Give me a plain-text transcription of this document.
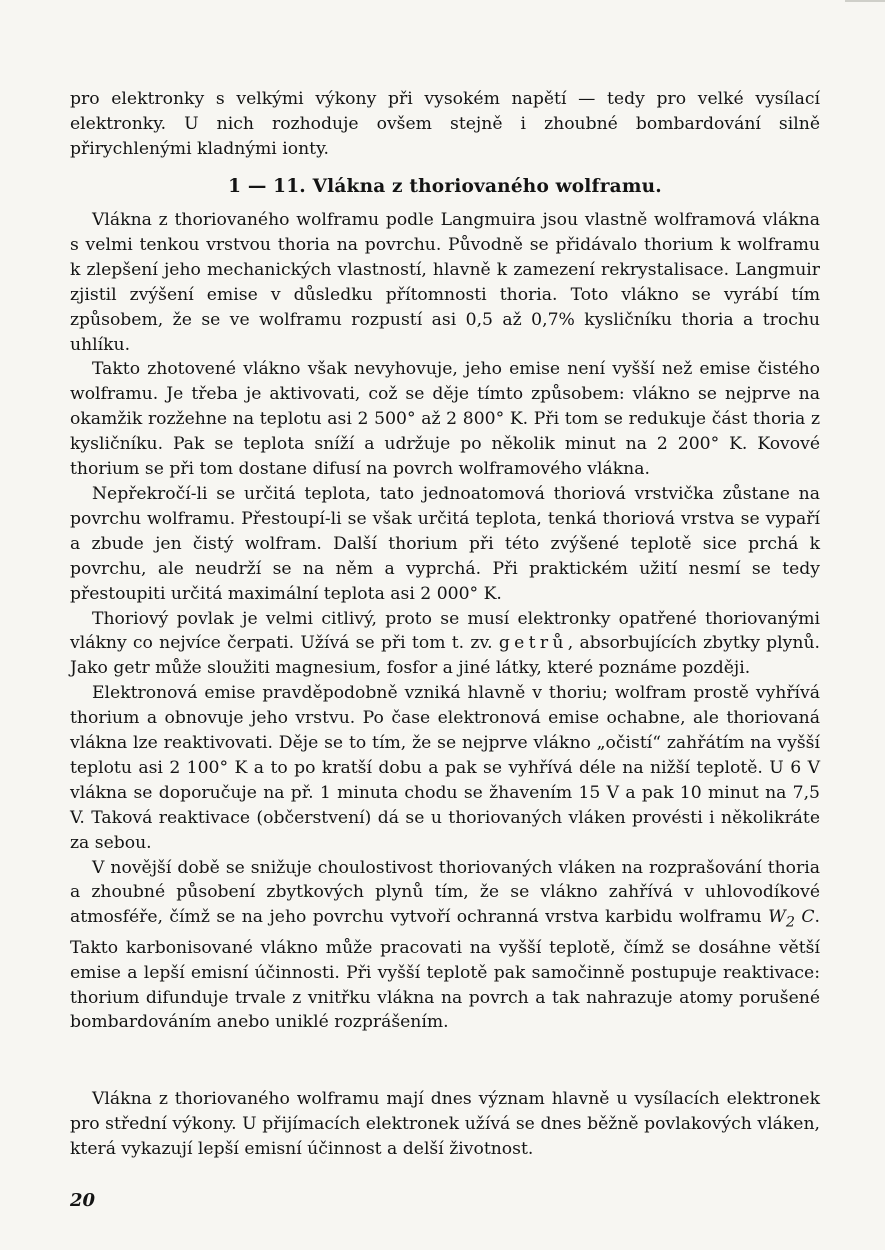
pro elektronky s velkými výkony při vysokém napětí — tedy pro velké vysílací elektronky. U nich rozhoduje ovšem stejně i zhoubné bombardování silně přirychlenými kladnými ionty.

1 — 11. Vlákna z thoriovaného wolframu.

Vlákna z thoriovaného wolframu podle Langmuira jsou vlastně wolframová vlákna s velmi tenkou vrstvou thoria na povrchu. Původně se přidávalo thorium k wolframu k zlepšení jeho mechanických vlastností, hlavně k zamezení rekrystalisace. Langmuir zjistil zvýšení emise v důsledku přítomnosti thoria. Toto vlákno se vyrábí tím způsobem, že se ve wolframu rozpustí asi 0,5 až 0,7% kysličníku thoria a trochu uhlíku.

Takto zhotovené vlákno však nevyhovuje, jeho emise není vyšší než emise čistého wolframu. Je třeba je aktivovati, což se děje tímto způsobem: vlákno se nejprve na okamžik rozžehne na teplotu asi 2 500° až 2 800° K. Při tom se redukuje část thoria z kysličníku. Pak se teplota sníží a udržuje po několik minut na 2 200° K. Kovové thorium se při tom dostane difusí na povrch wolframového vlákna.

Nepřekročí-li se určitá teplota, tato jednoatomová thoriová vrstvička zůstane na povrchu wolframu. Přestoupí-li se však určitá teplota, tenká thoriová vrstva se vypaří a zbude jen čistý wolfram. Další thorium při této zvýšené teplotě sice prchá k povrchu, ale neudrží se na něm a vyprchá. Při praktickém užití nesmí se tedy přestoupiti určitá maximální teplota asi 2 000° K.

Thoriový povlak je velmi citlivý, proto se musí elektronky opatřené thoriovanými vlákny co nejvíce čerpati. Užívá se při tom t. zv. getrů, absorbujících zbytky plynů. Jako getr může sloužiti magnesium, fosfor a jiné látky, které poznáme později.

Elektronová emise pravděpodobně vzniká hlavně v thoriu; wolfram prostě vyhřívá thorium a obnovuje jeho vrstvu. Po čase elektronová emise ochabne, ale thoriovaná vlákna lze reaktivovati. Děje se to tím, že se nejprve vlákno „očistí“ zahřátím na vyšší teplotu asi 2 100° K a to po kratší dobu a pak se vyhřívá déle na nižší teplotě. U 6 V vlákna se doporučuje na př. 1 minuta chodu se žhavením 15 V a pak 10 minut na 7,5 V. Taková reaktivace (občerstvení) dá se u thoriovaných vláken provésti i několikráte za sebou.

V novější době se snižuje choulostivost thoriovaných vláken na rozprašování thoria a zhoubné působení zbytkových plynů tím, že se vlákno zahřívá v uhlovodíkové atmosféře, čímž se na jeho povrchu vytvoří ochranná vrstva karbidu wolframu $W_2$ C. Takto karbonisované vlákno může pracovati na vyšší teplotě, čímž se dosáhne větší emise a lepší emisní účinnosti. Při vyšší teplotě pak samočinně postupuje reaktivace: thorium difunduje trvale z vnitřku vlákna na povrch a tak nahrazuje atomy porušené bombardováním anebo uniklé rozprášením.

Vlákna z thoriovaného wolframu mají dnes význam hlavně u vysílacích elektronek pro střední výkony. U přijímacích elektronek užívá se dnes běžně povlakových vláken, která vykazují lepší emisní účinnost a delší životnost.

20
